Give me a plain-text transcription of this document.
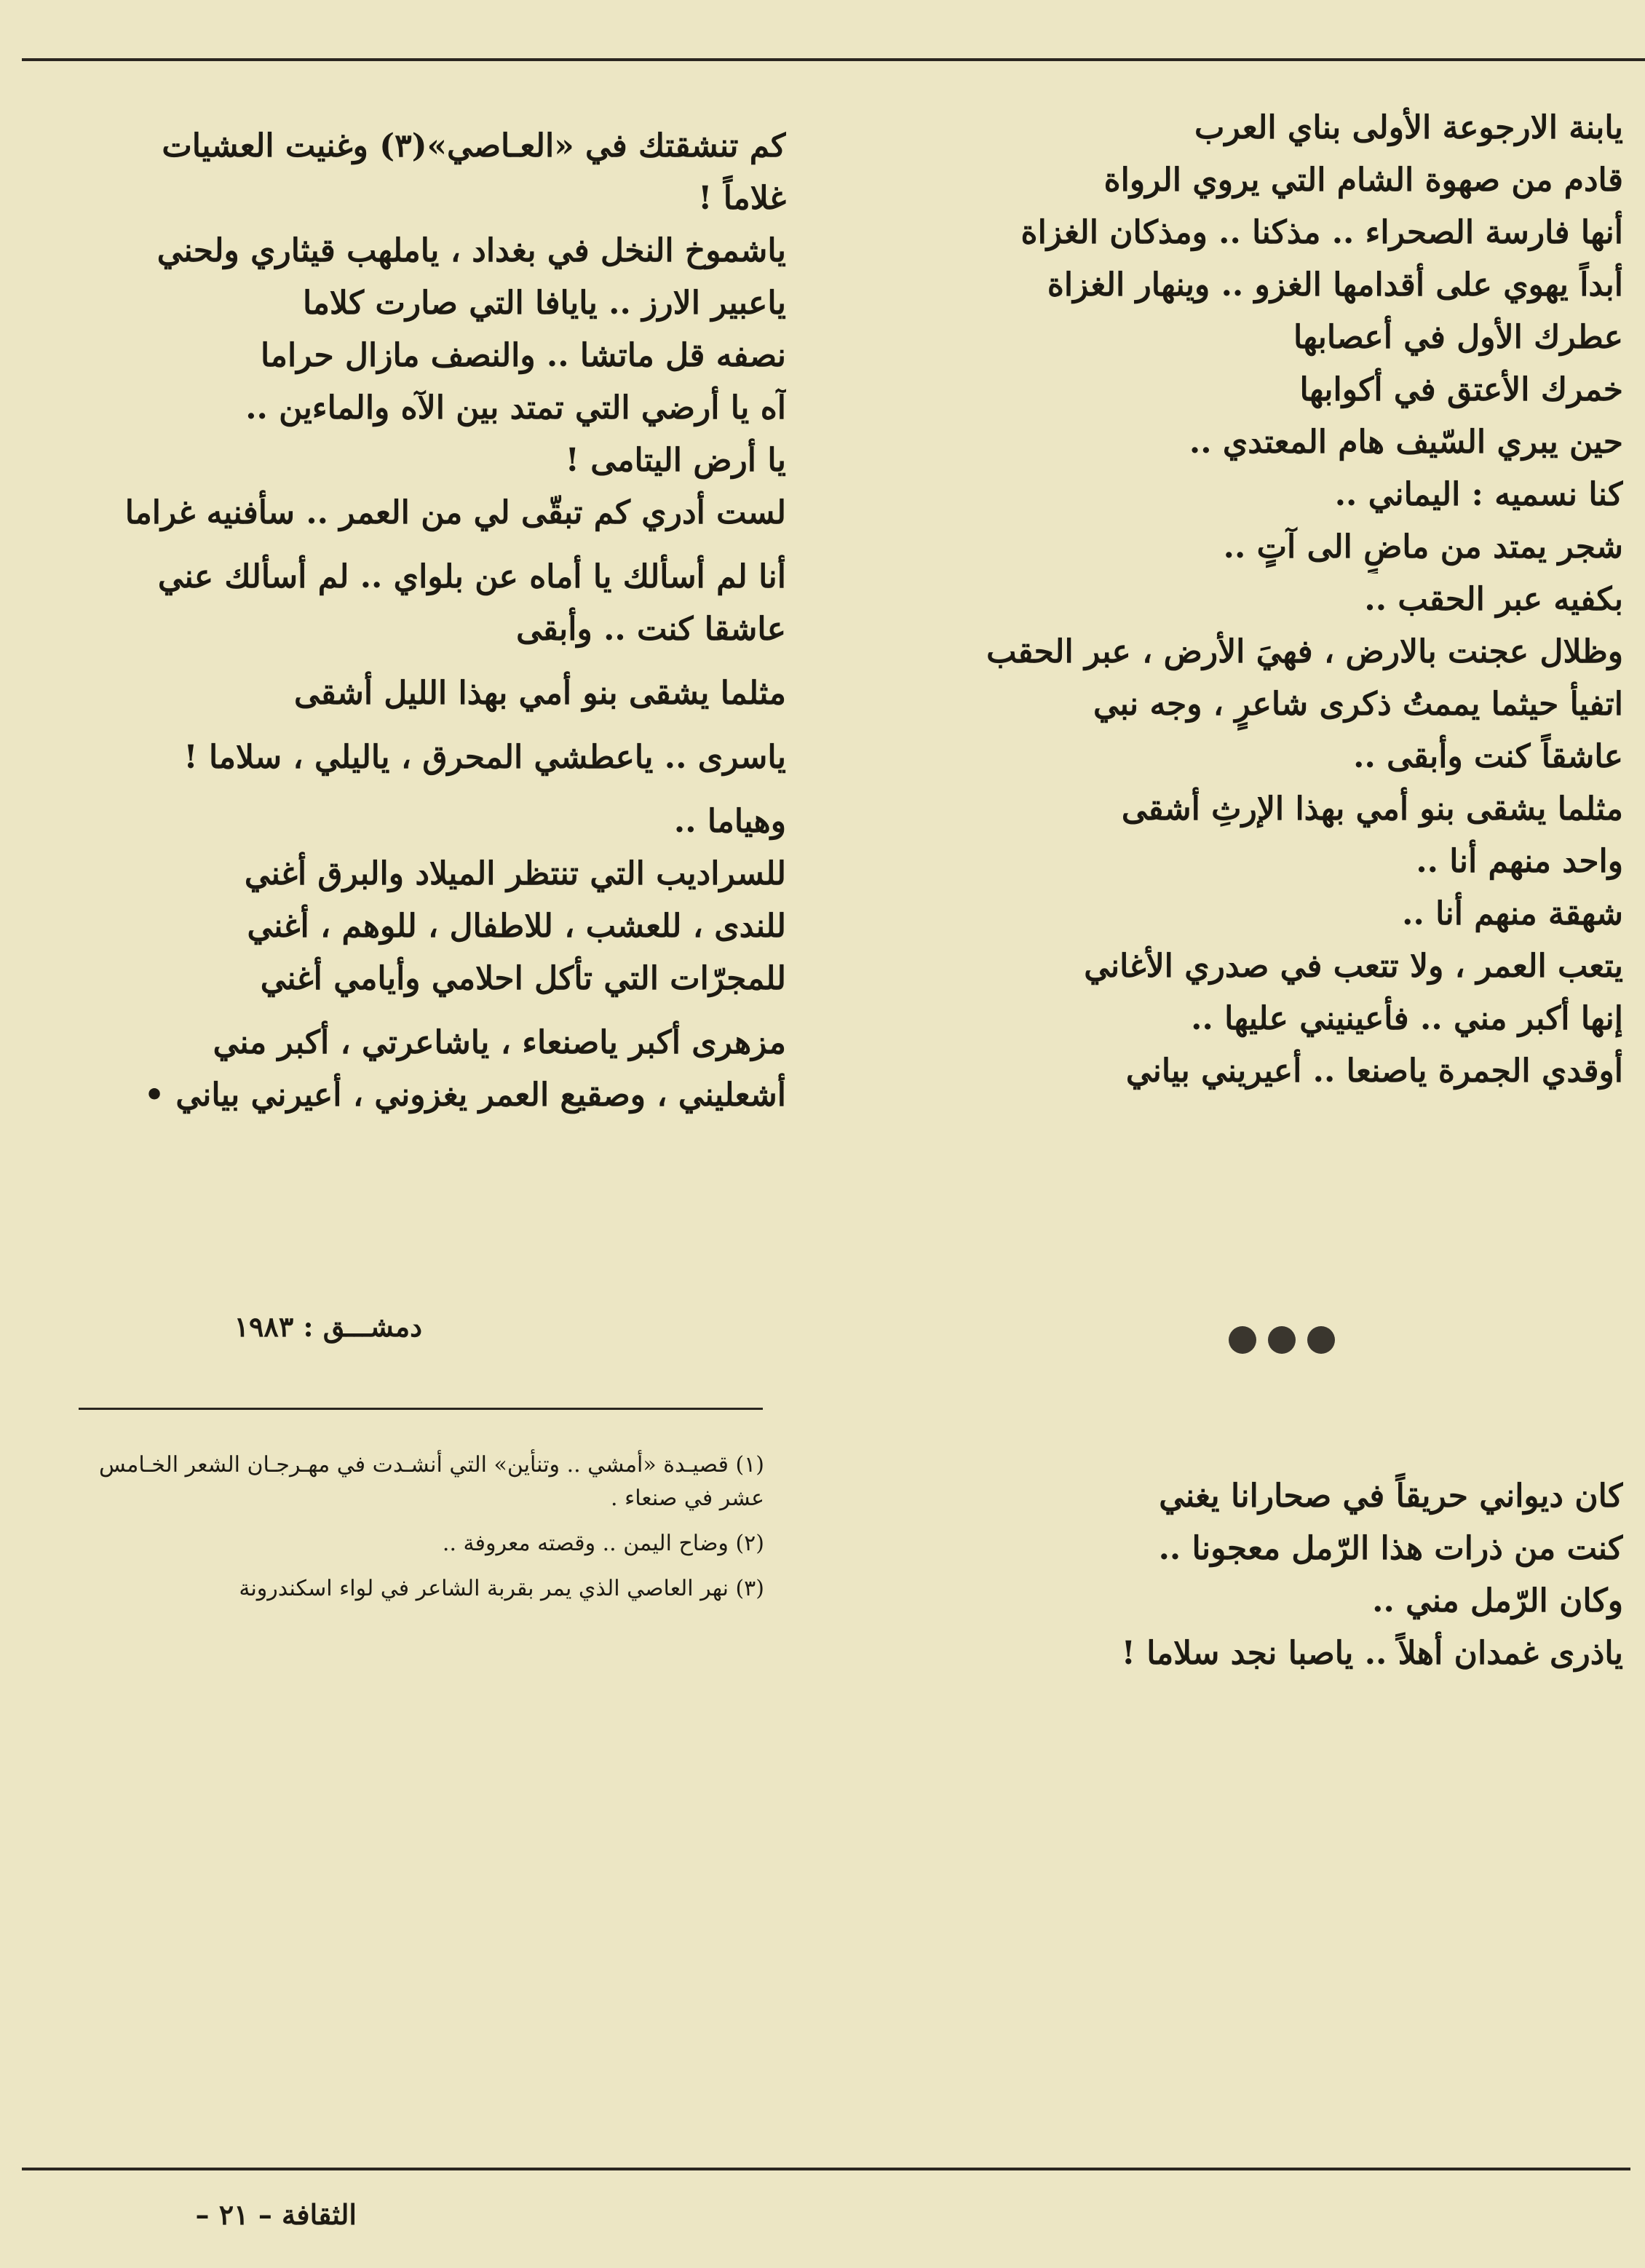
يابنة الارجوعة الأولى بناي العرب
قادم من صهوة الشام التي يروي الرواة
أنها فارسة الصحراء .. مذكنا .. ومذكان الغزاة
أبداً يهوي على أقدامها الغزو .. وينهار الغزاة
عطرك الأول في أعصابها
خمرك الأعتق في أكوابها
حين يبري السّيف هام المعتدي ..
كنا نسميه : اليماني ..
شجر يمتد من ماضٍ الى آتٍ ..
بكفيه عبر الحقب ..
وظلال عجنت بالارض ، فهيَ الأرض ، عبر الحقب
اتفيأ حيثما يممتُ ذكرى شاعرٍ ، وجه نبي
عاشقاً كنت وأبقى ..
مثلما يشقى بنو أمي بهذا الإرثِ أشقى
واحد منهم أنا ..
شهقة منهم أنا ..
يتعب العمر ، ولا تتعب في صدري الأغاني
إنها أكبر مني .. فأعينيني عليها ..
أوقدي الجمرة ياصنعا .. أعيريني بياني
كان ديواني حريقاً في صحارانا يغني
كنت من ذرات هذا الرّمل معجونا ..
وكان الرّمل مني ..
ياذرى غمدان أهلاً .. ياصبا نجد سلاما !
كم تنشقتك في «العـاصي»(٣) وغنيت العشيات
غلاماً !
ياشموخ النخل في بغداد ، ياملهب قيثاري ولحني
ياعبير الارز .. يايافا التي صارت كلاما
نصفه قل ماتشا .. والنصف مازال حراما
آه يا أرضي التي تمتد بين الآه والماءين ..
يا أرض اليتامى !
لست أدري كم تبقّى لي من العمر .. سأفنيه غراما
أنا لم أسألك يا أماه عن بلواي .. لم أسألك عني
عاشقا كنت .. وأبقى
مثلما يشقى بنو أمي بهذا الليل أشقى
ياسرى .. ياعطشي المحرق ، ياليلي ، سلاما !
وهياما ..
للسراديب التي تنتظر الميلاد والبرق أغني
للندى ، للعشب ، للاطفال ، للوهم ، أغني
للمجرّات التي تأكل احلامي وأيامي أغني
مزهرى أكبر ياصنعاء ، ياشاعرتي ، أكبر مني
أشعليني ، وصقيع العمر يغزوني ، أعيرني بياني •
دمشـــق : ١٩٨٣
(١) قصيـدة «أمشي .. وتنأين» التي أنشـدت في مهـرجـان الشعر الخـامس عشر في صنعاء .
(٢) وضاح اليمن .. وقصته معروفة ..
(٣) نهر العاصي الذي يمر بقربة الشاعر في لواء اسكندرونة
الثقافة – ٢١ –
